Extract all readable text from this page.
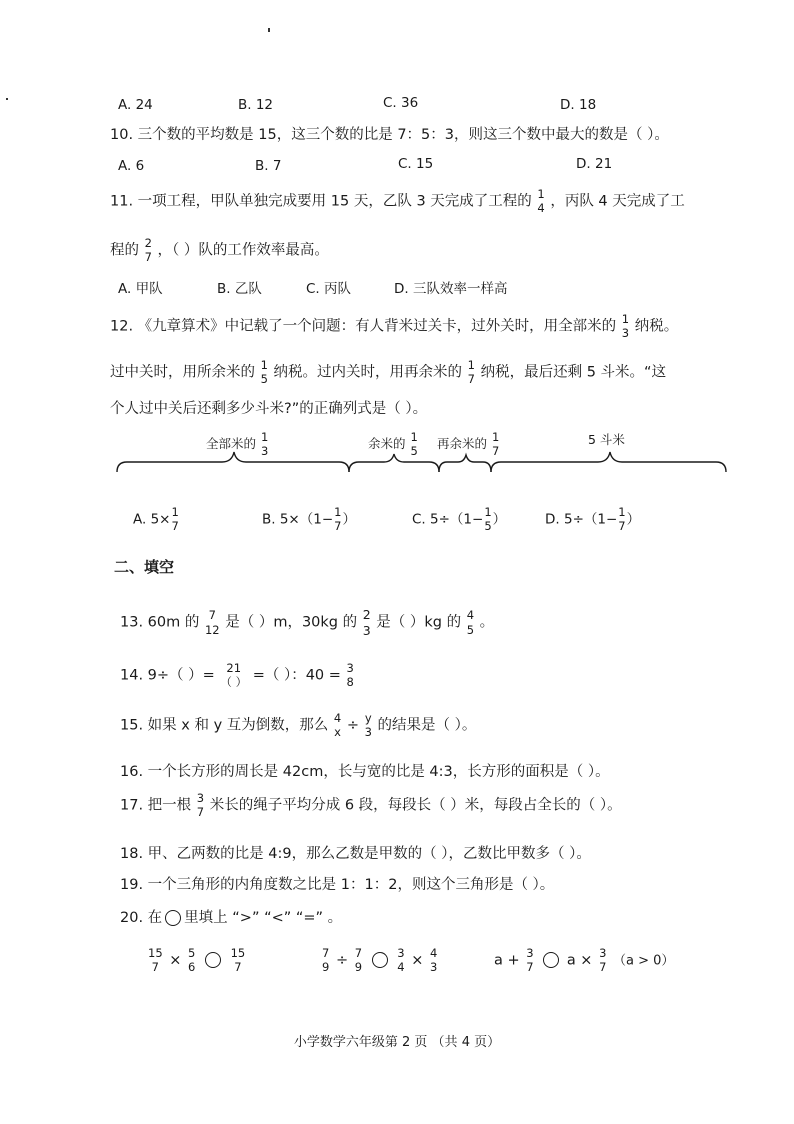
A. 24	B. 12	C. 36	D. 18
10. 三个数的平均数是 15，这三个数的比是 7：5：3，则这三个数中最大的数是（ ）。
A. 6	B. 7	C. 15	D. 21
11. 一项工程，甲队单独完成要用 15 天，乙队 3 天完成了工程的 1
4 ，丙队 4 天完成了工
程的 2
7 ，（ ）队的工作效率最高。
A. 甲队	B. 乙队	C. 丙队	D. 三队效率一样高
12. 《九章算术》中记载了一个问题：有人背米过关卡，过外关时，用全部米的 1
3 纳税。
过中关时，用所余米的 1
5 纳税。过内关时，用再余米的 1
7 纳税，最后还剩 5 斗米。“这
个人过中关后还剩多少斗米?”的正确列式是（ ）。
全部米的 1
3
余米的 1
5
再余米的 1
7
5 斗米
A. 5× 1
7	B. 5×（1− 1
7 ）	C. 5÷（1− 1
5 ）	D. 5÷（1− 1
7 ）
二、填空
13. 60m 的 7
12 是（ ）m，30kg 的
2
3 是（ ）kg 的 4
5 。
14. 9÷（ ）= 21
（ ） =（ ）：40 = 3
8
15. 如果 x 和 y 互为倒数，那么 4
x ÷ y
3 的结果是（ ）。
16. 一个长方形的周长是 42cm，长与宽的比是 4:3，长方形的面积是（ ）。
17. 把一根 3
7 米长的绳子平均分成 6 段，每段长（ ）米，每段占全长的（ ）。
18. 甲、乙两数的比是 4:9，那么乙数是甲数的（ ），乙数比甲数多（ ）。
19. 一个三角形的内角度数之比是 1：1：2，则这个三角形是（ ）。
20. 在 里填上 “>” “<” “=” 。
15
7 × 5
6

15
7
7
9 ÷ 7
9

3
4 × 4
3	a + 3
7 a × 3
7 （a > 0）
小学数学六年级第 2 页 （共 4 页）
